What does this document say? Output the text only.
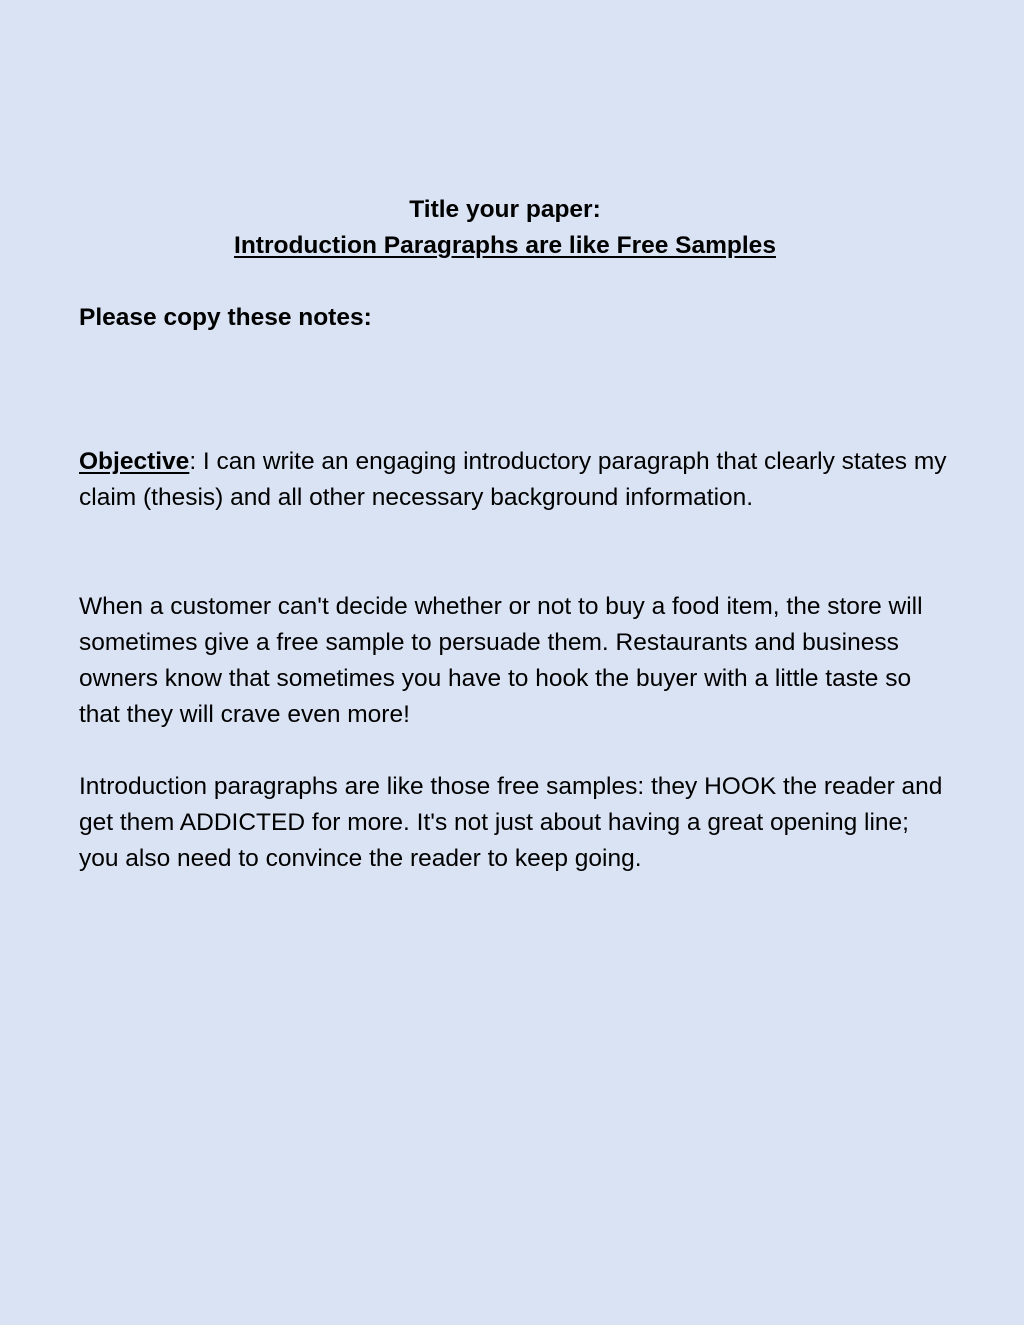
Title your paper:
Introduction Paragraphs are like Free Samples

Please copy these notes:

Objective: I can write an engaging introductory paragraph that clearly states my claim (thesis) and all other necessary background information.

When a customer can't decide whether or not to buy a food item, the store will sometimes give a free sample to persuade them. Restaurants and business owners know that sometimes you have to hook the buyer with a little taste so that they will crave even more!

Introduction paragraphs are like those free samples: they HOOK the reader and get them ADDICTED for more. It's not just about having a great opening line; you also need to convince the reader to keep going.
